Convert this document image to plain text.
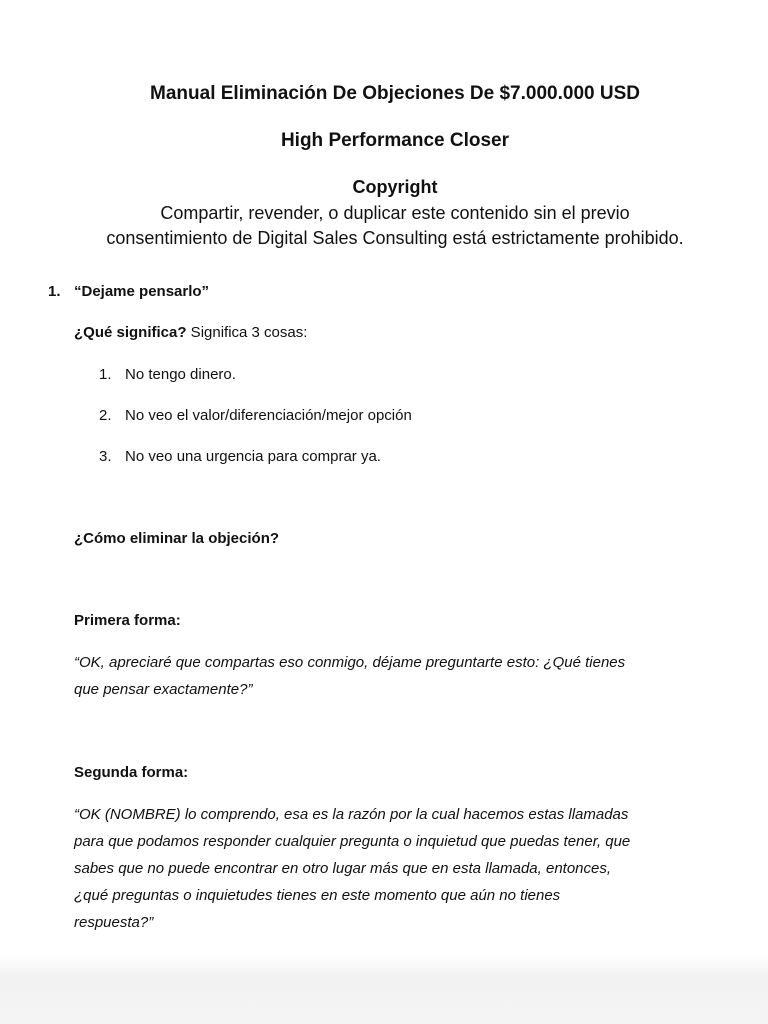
Manual Eliminación De Objeciones De $7.000.000 USD
High Performance Closer
Copyright
Compartir, revender, o duplicar este contenido sin el previo
consentimiento de Digital Sales Consulting está estrictamente prohibido.
1. “Dejame pensarlo”
¿Qué significa? Significa 3 cosas:
1. No tengo dinero.
2. No veo el valor/diferenciación/mejor opción
3. No veo una urgencia para comprar ya.
¿Cómo eliminar la objeción?
Primera forma:
“OK, apreciaré que compartas eso conmigo, déjame preguntarte esto: ¿Qué tienes
que pensar exactamente?”
Segunda forma:
“OK (NOMBRE) lo comprendo, esa es la razón por la cual hacemos estas llamadas
para que podamos responder cualquier pregunta o inquietud que puedas tener, que
sabes que no puede encontrar en otro lugar más que en esta llamada, entonces,
¿qué preguntas o inquietudes tienes en este momento que aún no tienes
respuesta?”
